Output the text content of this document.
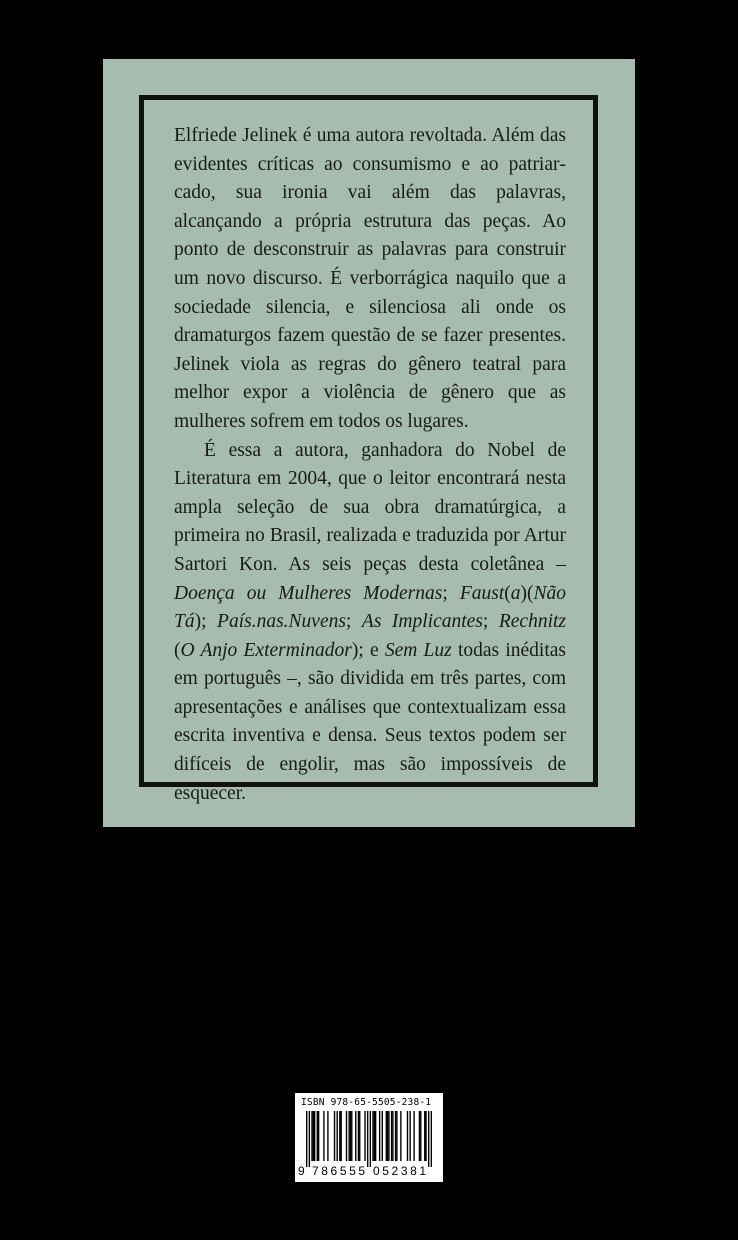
Elfriede Jelinek é uma autora revoltada. Além das evidentes críticas ao consumismo e ao patriarcado, sua ironia vai além das palavras, alcançando a própria estrutura das peças. Ao ponto de desconstruir as palavras para construir um novo discurso. É verborrágica naquilo que a sociedade silencia, e silenciosa ali onde os dramaturgos fazem questão de se fazer presentes. Jelinek viola as regras do gênero teatral para melhor expor a violência de gênero que as mulheres sofrem em todos os lugares.

É essa a autora, ganhadora do Nobel de Literatura em 2004, que o leitor encontrará nesta ampla seleção de sua obra dramatúrgica, a primeira no Brasil, realizada e traduzida por Artur Sartori Kon. As seis peças desta coletânea – Doença ou Mulheres Modernas; Faust(a)(Não Tá); País.nas.Nuvens; As Implicantes; Rechnitz (O Anjo Exterminador); e Sem Luz todas inéditas em português –, são dividida em três partes, com apresentações e análises que contextualizam essa escrita inventiva e densa. Seus textos podem ser difíceis de engolir, mas são impossíveis de esquecer.

ISBN 978-65-5505-238-1
9 786555 052381
